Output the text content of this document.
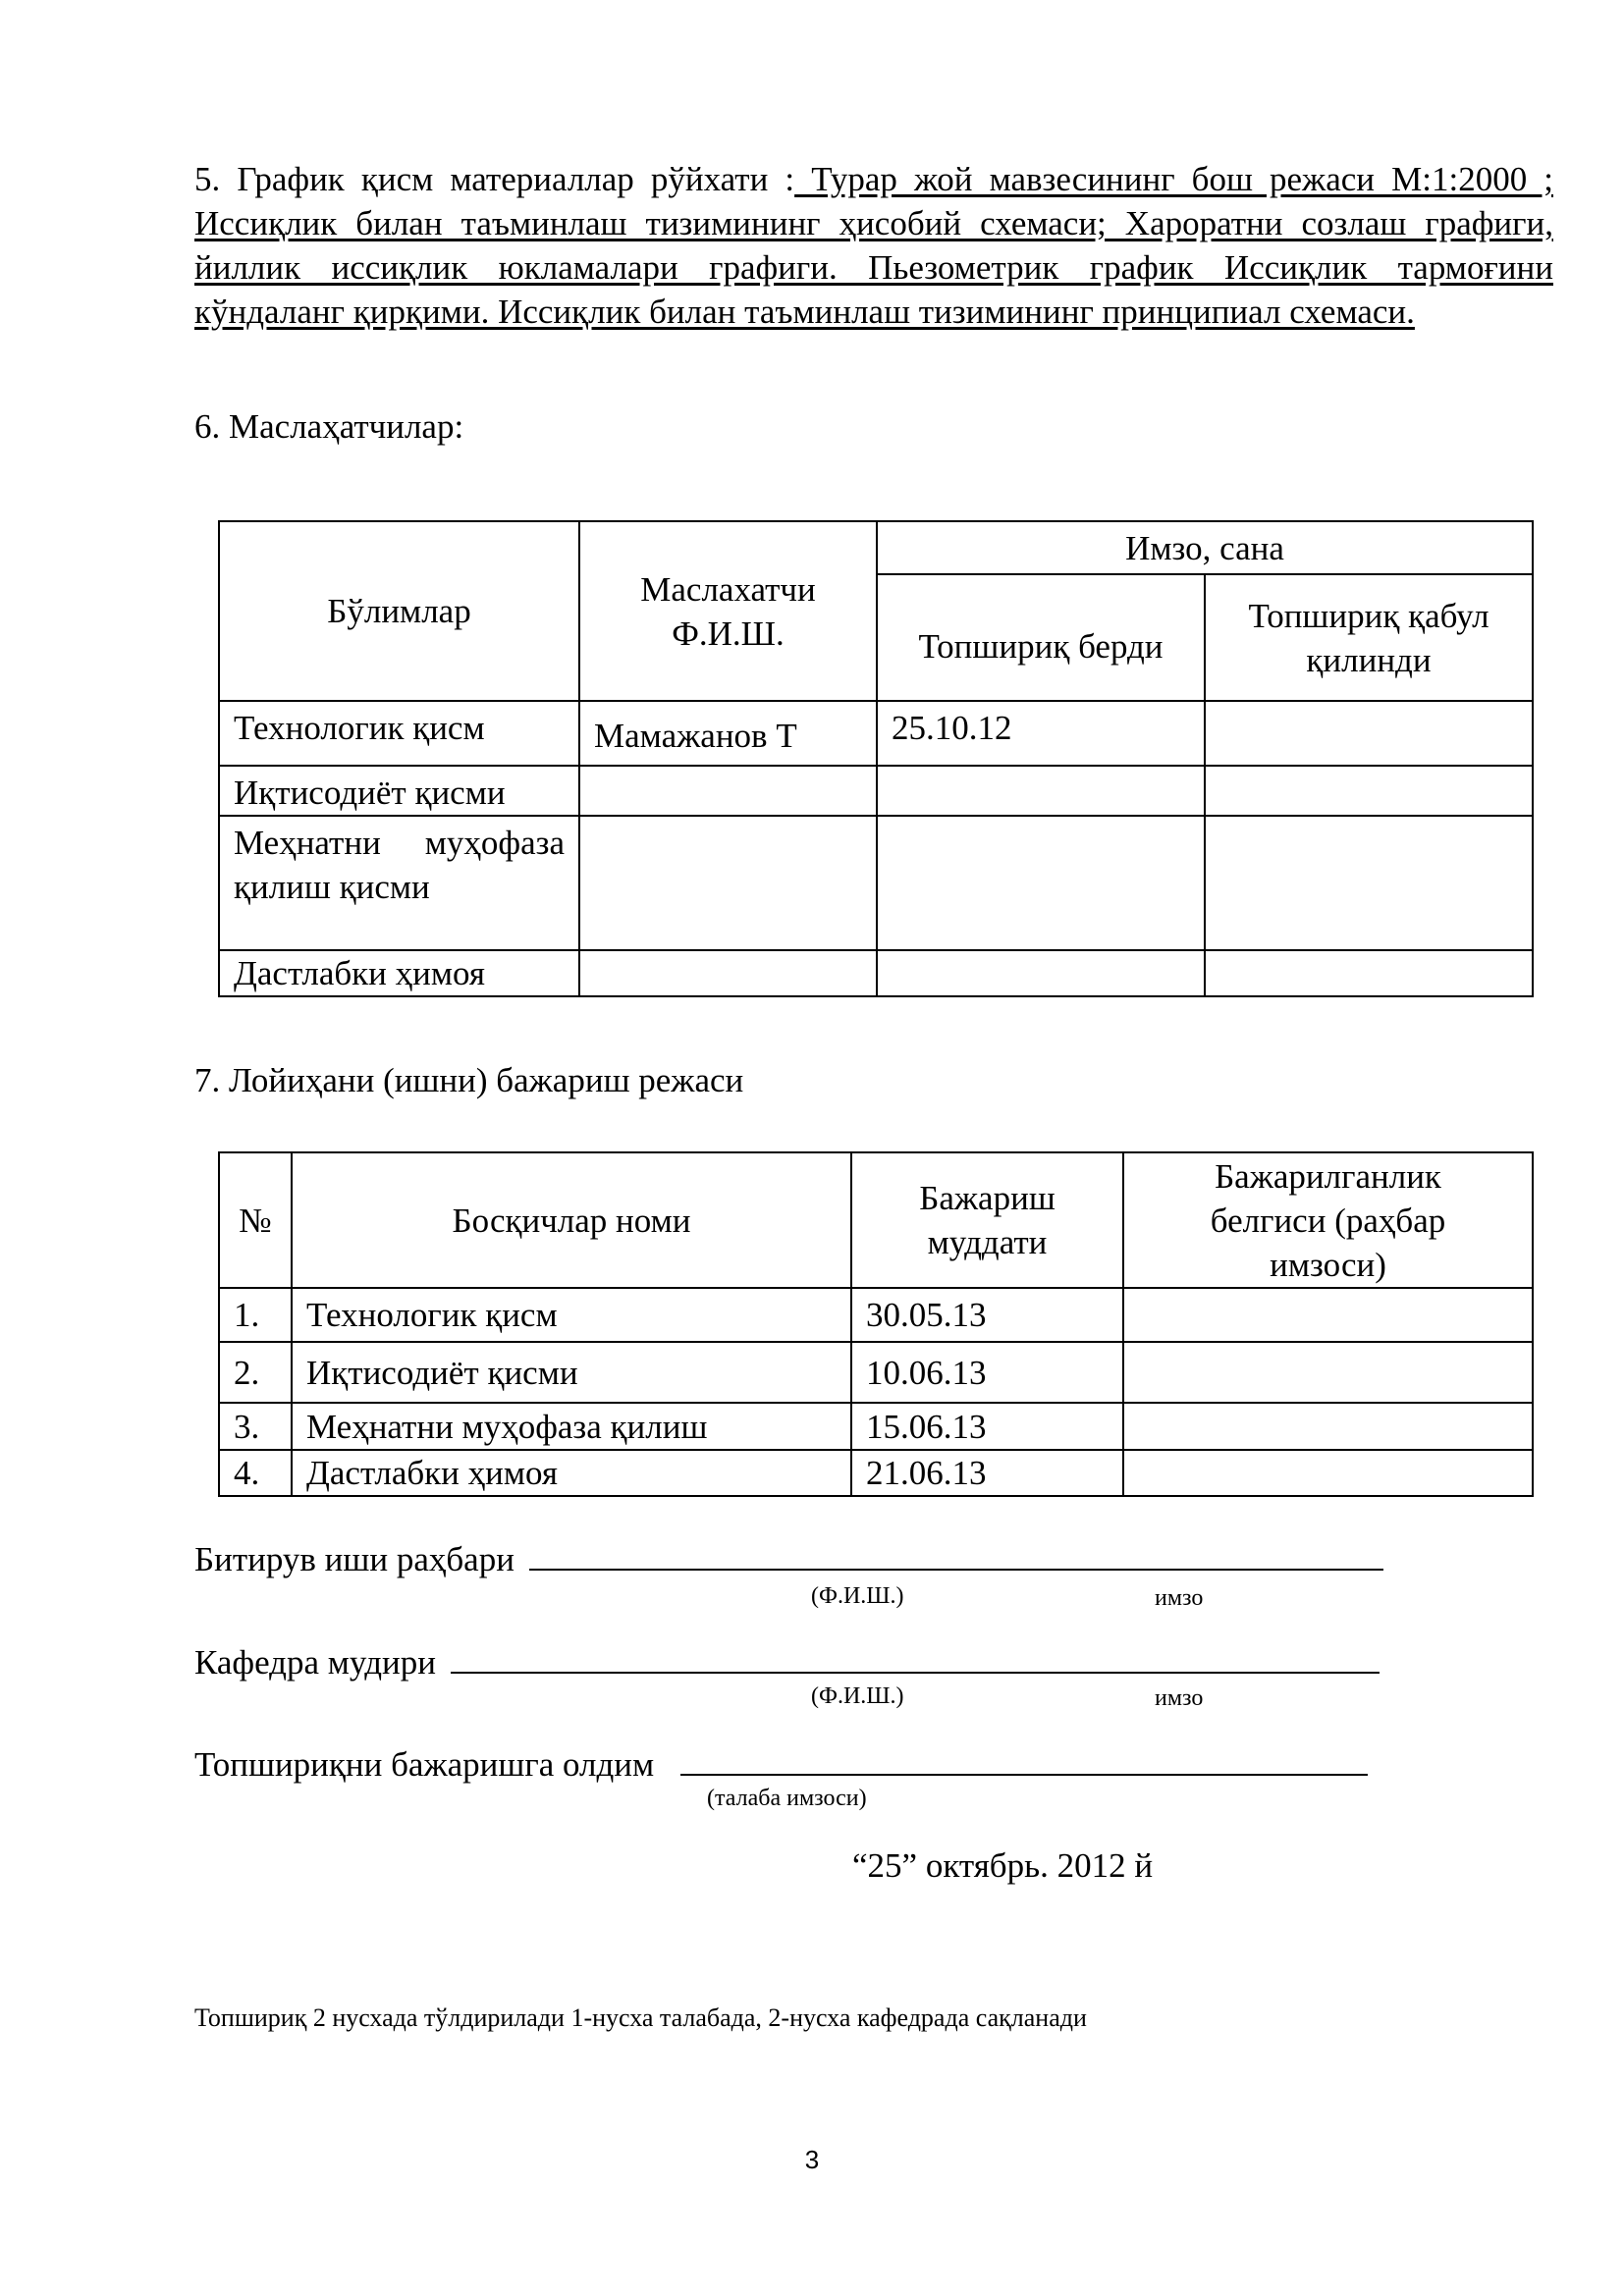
5. График қисм материаллар рўйхати : Турар жой мавзесининг бош режаси М:1:2000 ; Иссиқлик билан таъминлаш тизимининг ҳисобий схемаси; Хароратни созлаш графиги, йиллик иссиқлик юкламалари графиги. Пьезометрик график Иссиқлик тармоғини кўндаланг қирқими. Иссиқлик билан таъминлаш тизимининг принципиал схемаси.
6. Маслаҳатчилар:
Бўлимлар	Маслахатчи Ф.И.Ш.	Имзо, сана	
		Топшириқ берди	Топшириқ қабул қилинди
Технологик қисм	Мамажанов Т	25.10.12	
Иқтисодиёт қисми			
Меҳнатни муҳофаза қилиш қисми			
Дастлабки ҳимоя			
7. Лойиҳани (ишни) бажариш режаси
№	Босқичлар номи	Бажариш муддати	Бажарилганлик белгиси (раҳбар имзоси)
1.	Технологик қисм	30.05.13	
2.	Иқтисодиёт қисми	10.06.13	
3.	Меҳнатни муҳофаза қилиш	15.06.13	
4.	Дастлабки ҳимоя	21.06.13	
Битирув иши раҳбари
(Ф.И.Ш.)	имзо
Кафедра мудири
(Ф.И.Ш.)	имзо
Топшириқни бажаришга олдим
(талаба имзоси)
“25” октябрь. 2012 й
Топшириқ 2 нусхада тўлдирилади 1-нусха талабада, 2-нусха кафедрада сақланади
3
